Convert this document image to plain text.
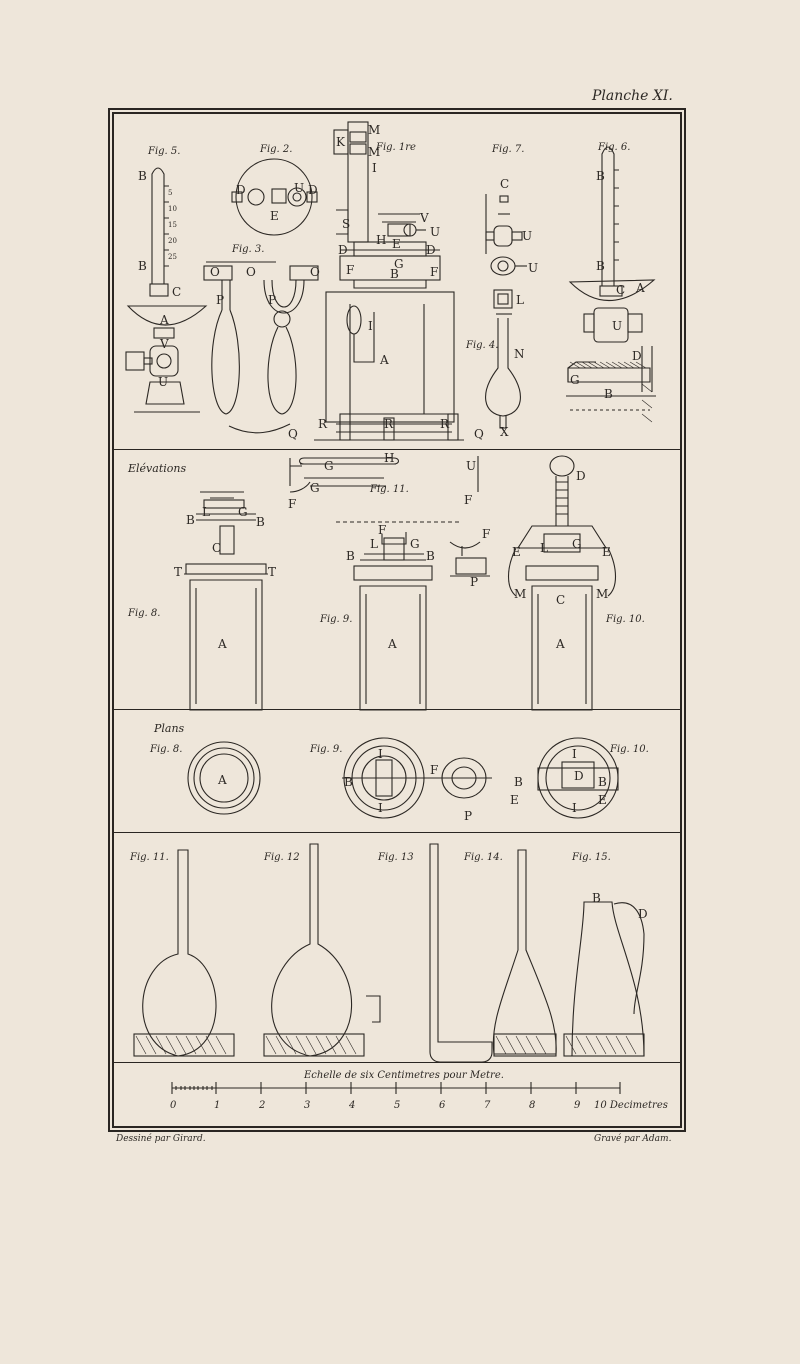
Planche XI.
Fig. 5.	Fig. 2.	Fig. 1re	Fig. 7.	Fig. 6.
Fig. 3.
Fig. 4.
Elévations
Fig. 11.
Fig. 8.
Fig. 9.	Fig. 10.
Plans
Fig. 8.	Fig. 9.	Fig. 10.
Fig. 11.	Fig. 12	Fig. 13	Fig. 14.	Fig. 15.
Echelle de six Centimetres pour Metre.
0	1	2	3	4	5	6	7	8	9 10 Decimetres
B
B
5
10
15
20
25
C
A
V
U
D	D
E
U
O O	O
P	P
K
M
M
I
S	V
H E
U
D	D
G
F	F
B
I
A
Q
R	R	R
Q
C
U
U
L
N
X
B
B
C A
U
D
G
B
H
G
G
F	F
U
L G
B	B
C
T	T
A
F
L	G
B	B
A
F
P
D
E	E
L G
M	M
C
A
A
I
I
B
F
P
I
I
B	B
D
E	E
B
D
Dessiné par Girard.	Gravé par Adam.
